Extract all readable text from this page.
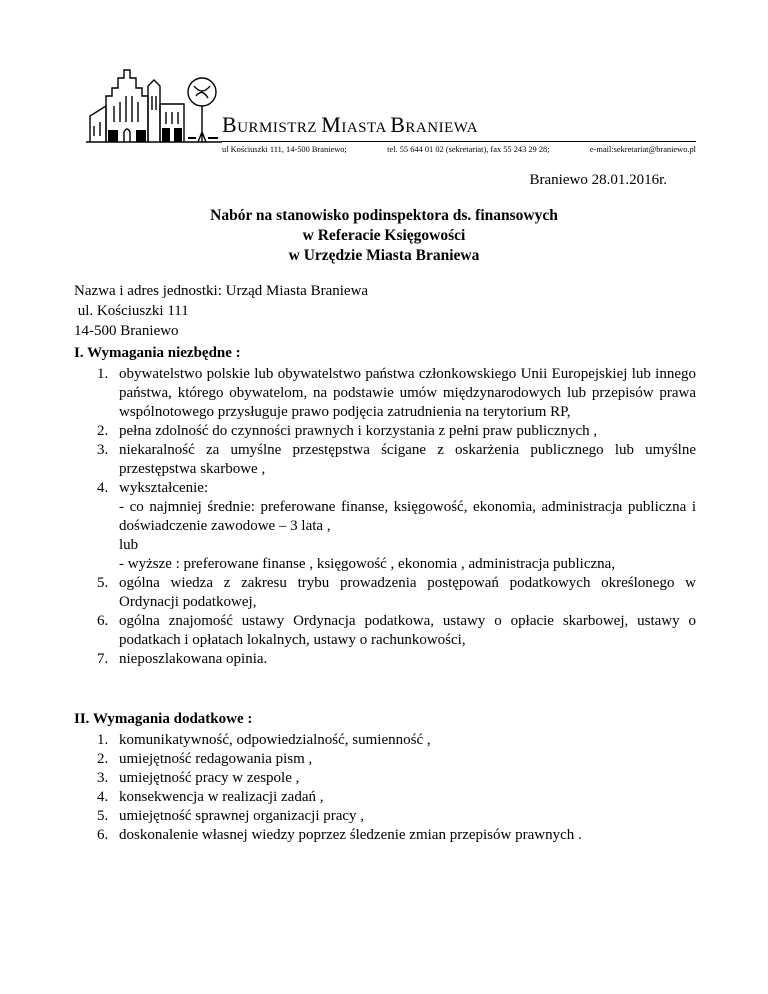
BURMISTRZ MIASTA BRANIEWA
ul Kościuszki 111, 14-500 Braniewo;	tel. 55 644 01 02 (sekretariat), fax 55 243 29 28;	e-mail:sekretariat@braniewo.pl
Braniewo 28.01.2016r.
Nabór na stanowisko podinspektora ds. finansowych
w Referacie Księgowości
w Urzędzie Miasta Braniewa
Nazwa i adres jednostki: Urząd Miasta Braniewa
ul. Kościuszki 111
14-500 Braniewo
I. Wymagania niezbędne :
1. obywatelstwo polskie lub obywatelstwo państwa członkowskiego Unii Europejskiej lub innego państwa, którego obywatelom, na podstawie umów międzynarodowych lub przepisów prawa wspólnotowego przysługuje prawo podjęcia zatrudnienia na terytorium RP,
2. pełna zdolność do czynności prawnych i korzystania z pełni praw publicznych ,
3. niekaralność za umyślne przestępstwa ścigane z oskarżenia publicznego lub umyślne przestępstwa skarbowe ,
4. wykształcenie:
- co najmniej średnie: preferowane finanse, księgowość, ekonomia, administracja publiczna i doświadczenie zawodowe – 3 lata ,
lub
- wyższe : preferowane finanse , księgowość , ekonomia , administracja publiczna,
5. ogólna wiedza z zakresu trybu prowadzenia postępowań podatkowych określonego w Ordynacji podatkowej,
6. ogólna znajomość ustawy Ordynacja podatkowa, ustawy o opłacie skarbowej, ustawy o podatkach i opłatach lokalnych, ustawy o rachunkowości,
7. nieposzlakowana opinia.
II. Wymagania dodatkowe :
1. komunikatywność, odpowiedzialność, sumienność ,
2. umiejętność redagowania pism ,
3. umiejętność pracy w zespole ,
4. konsekwencja w realizacji zadań ,
5. umiejętność sprawnej organizacji pracy ,
6. doskonalenie własnej wiedzy poprzez śledzenie zmian przepisów prawnych .
